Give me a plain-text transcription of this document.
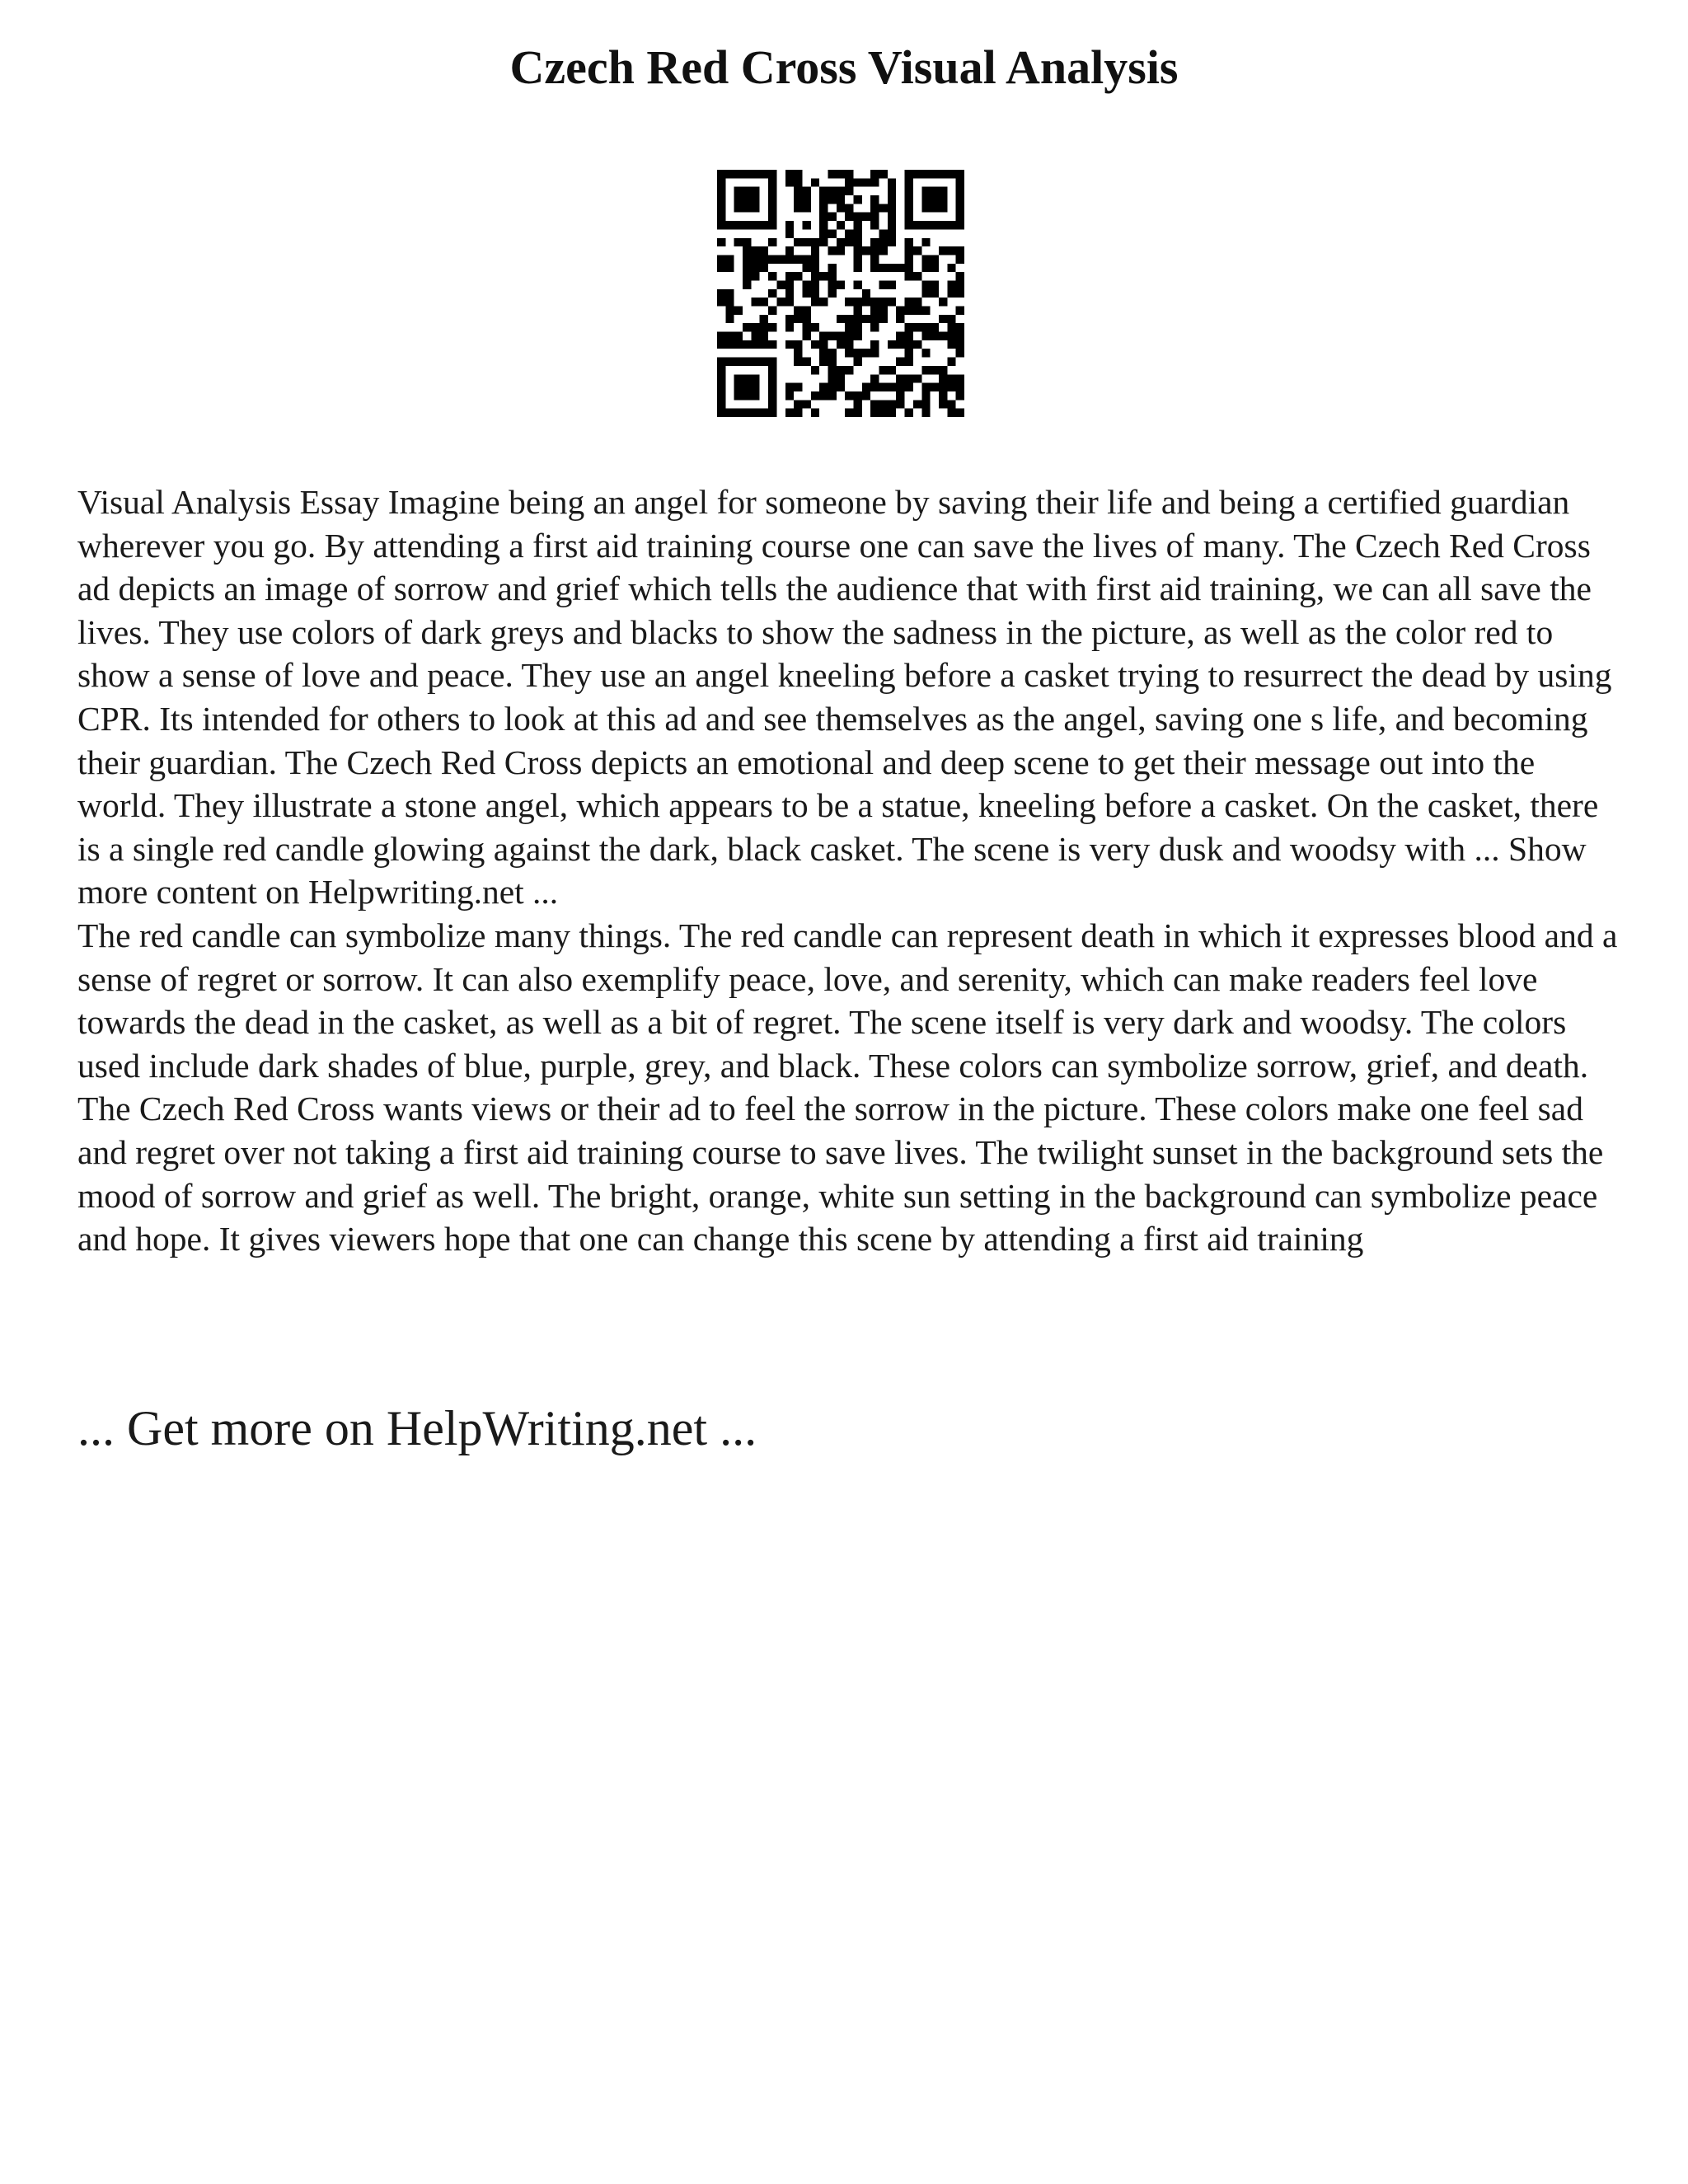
Czech Red Cross Visual Analysis

Visual Analysis Essay Imagine being an angel for someone by saving their life and being a certified guardian wherever you go. By attending a first aid training course one can save the lives of many. The Czech Red Cross ad depicts an image of sorrow and grief which tells the audience that with first aid training, we can all save the lives. They use colors of dark greys and blacks to show the sadness in the picture, as well as the color red to show a sense of love and peace. They use an angel kneeling before a casket trying to resurrect the dead by using CPR. Its intended for others to look at this ad and see themselves as the angel, saving one s life, and becoming their guardian. The Czech Red Cross depicts an emotional and deep scene to get their message out into the world. They illustrate a stone angel, which appears to be a statue, kneeling before a casket. On the casket, there is a single red candle glowing against the dark, black casket. The scene is very dusk and woodsy with ... Show more content on Helpwriting.net ...

The red candle can symbolize many things. The red candle can represent death in which it expresses blood and a sense of regret or sorrow. It can also exemplify peace, love, and serenity, which can make readers feel love towards the dead in the casket, as well as a bit of regret. The scene itself is very dark and woodsy. The colors used include dark shades of blue, purple, grey, and black. These colors can symbolize sorrow, grief, and death. The Czech Red Cross wants views or their ad to feel the sorrow in the picture. These colors make one feel sad and regret over not taking a first aid training course to save lives. The twilight sunset in the background sets the mood of sorrow and grief as well. The bright, orange, white sun setting in the background can symbolize peace and hope. It gives viewers hope that one can change this scene by attending a first aid training

... Get more on HelpWriting.net ...
